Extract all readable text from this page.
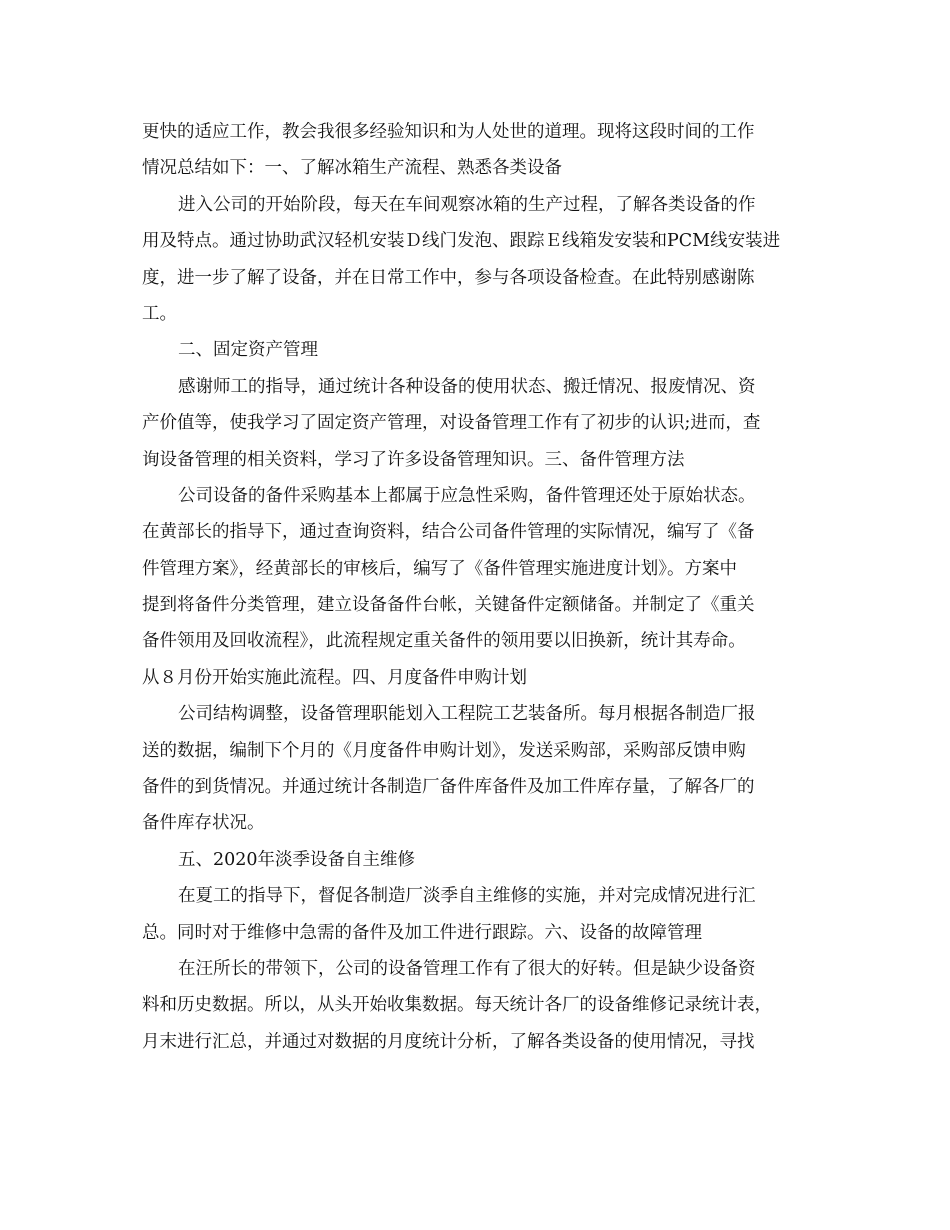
更快的适应工作，教会我很多经验知识和为人处世的道理。现将这段时间的工作
情况总结如下：一、了解冰箱生产流程、熟悉各类设备
进入公司的开始阶段，每天在车间观察冰箱的生产过程，了解各类设备的作
用及特点。通过协助武汉轻机安装Ｄ线门发泡、跟踪Ｅ线箱发安装和PCM线安装进
度，进一步了解了设备，并在日常工作中，参与各项设备检查。在此特别感谢陈
工。
二、固定资产管理
感谢师工的指导，通过统计各种设备的使用状态、搬迁情况、报废情况、资
产价值等，使我学习了固定资产管理，对设备管理工作有了初步的认识;进而，查
询设备管理的相关资料，学习了许多设备管理知识。三、备件管理方法
公司设备的备件采购基本上都属于应急性采购，备件管理还处于原始状态。
在黄部长的指导下，通过查询资料，结合公司备件管理的实际情况，编写了《备
件管理方案》，经黄部长的审核后，编写了《备件管理实施进度计划》。方案中
提到将备件分类管理，建立设备备件台帐，关键备件定额储备。并制定了《重关
备件领用及回收流程》，此流程规定重关备件的领用要以旧换新，统计其寿命。
从８月份开始实施此流程。四、月度备件申购计划
公司结构调整，设备管理职能划入工程院工艺装备所。每月根据各制造厂报
送的数据，编制下个月的《月度备件申购计划》，发送采购部，采购部反馈申购
备件的到货情况。并通过统计各制造厂备件库备件及加工件库存量，了解各厂的
备件库存状况。
五、2020年淡季设备自主维修
在夏工的指导下，督促各制造厂淡季自主维修的实施，并对完成情况进行汇
总。同时对于维修中急需的备件及加工件进行跟踪。六、设备的故障管理
在汪所长的带领下，公司的设备管理工作有了很大的好转。但是缺少设备资
料和历史数据。所以，从头开始收集数据。每天统计各厂的设备维修记录统计表，
月末进行汇总，并通过对数据的月度统计分析，了解各类设备的使用情况，寻找
